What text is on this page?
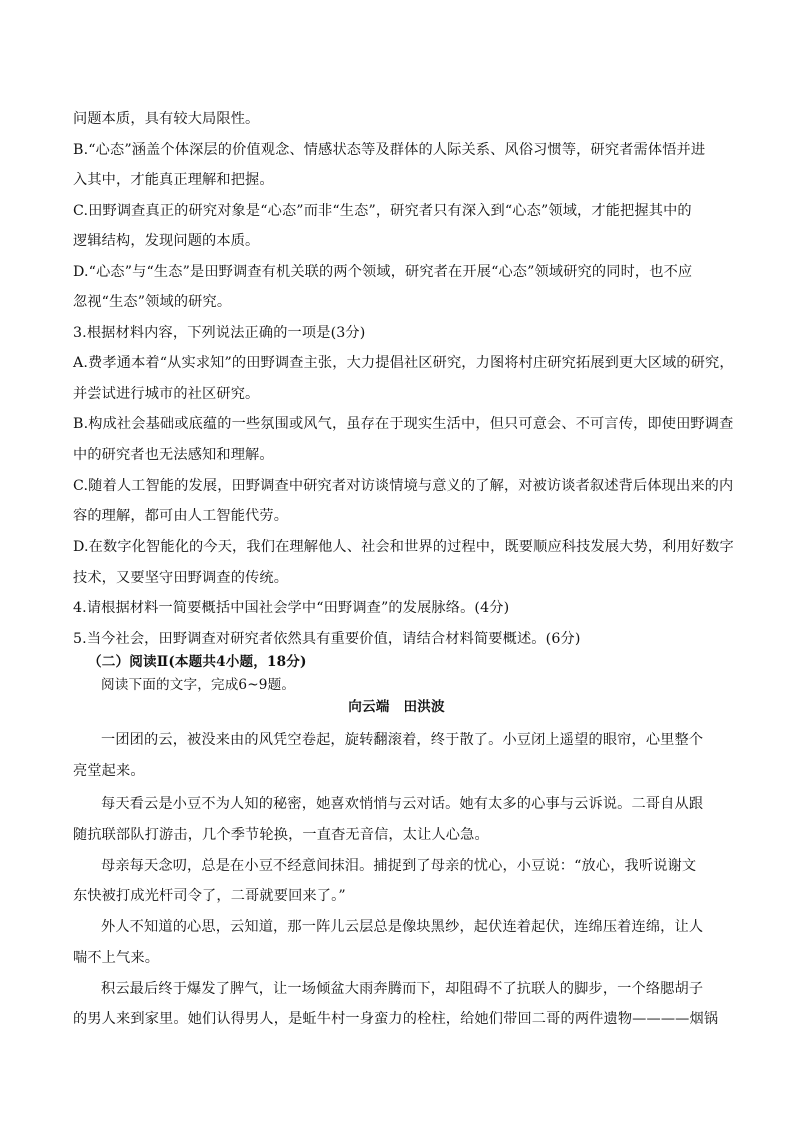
问题本质，具有较大局限性。
B.“心态”涵盖个体深层的价值观念、情感状态等及群体的人际关系、风俗习惯等，研究者需体悟并进
入其中，才能真正理解和把握。
C.田野调查真正的研究对象是“心态”而非“生态”，研究者只有深入到“心态”领域，才能把握其中的
逻辑结构，发现问题的本质。
D.“心态”与“生态”是田野调查有机关联的两个领域，研究者在开展“心态”领域研究的同时，也不应
忽视“生态”领域的研究。
3.根据材料内容，下列说法正确的一项是(3分)
A.费孝通本着“从实求知”的田野调查主张，大力提倡社区研究，力图将村庄研究拓展到更大区域的研究，
并尝试进行城市的社区研究。
B.构成社会基础或底蕴的一些氛围或风气，虽存在于现实生活中，但只可意会、不可言传，即使田野调查
中的研究者也无法感知和理解。
C.随着人工智能的发展，田野调查中研究者对访谈情境与意义的了解，对被访谈者叙述背后体现出来的内
容的理解，都可由人工智能代劳。
D.在数字化智能化的今天，我们在理解他人、社会和世界的过程中，既要顺应科技发展大势，利用好数字
技术，又要坚守田野调查的传统。
4.请根据材料一简要概括中国社会学中“田野调查”的发展脉络。(4分)
5.当今社会，田野调查对研究者依然具有重要价值，请结合材料简要概述。(6分)
（二）阅读Ⅱ(本题共4小题，18分)
阅读下面的文字，完成6~9题。
向云端 田洪波
一团团的云，被没来由的风凭空卷起，旋转翻滚着，终于散了。小豆闭上遥望的眼帘，心里整个
亮堂起来。
每天看云是小豆不为人知的秘密，她喜欢悄悄与云对话。她有太多的心事与云诉说。二哥自从跟
随抗联部队打游击，几个季节轮换，一直杳无音信，太让人心急。
母亲每天念叨，总是在小豆不经意间抹泪。捕捉到了母亲的忧心，小豆说：“放心，我听说谢文
东快被打成光杆司令了，二哥就要回来了。”
外人不知道的心思，云知道，那一阵儿云层总是像块黑纱，起伏连着起伏，连绵压着连绵，让人
喘不上气来。
积云最后终于爆发了脾气，让一场倾盆大雨奔腾而下，却阻碍不了抗联人的脚步，一个络腮胡子
的男人来到家里。她们认得男人，是蚯牛村一身蛮力的栓柱，给她们带回二哥的两件遗物————烟锅
